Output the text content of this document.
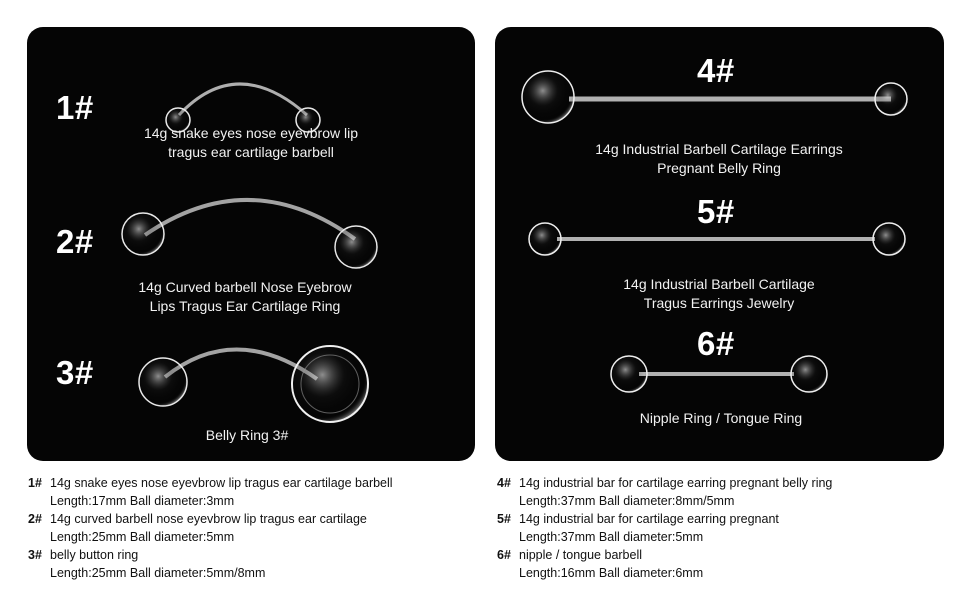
1#
14g snake eyes nose eyevbrow lip
tragus ear cartilage barbell
2#
14g Curved barbell Nose Eyebrow
Lips Tragus Ear Cartilage Ring
3#
Belly Ring 3#
4#
14g Industrial Barbell Cartilage Earrings
Pregnant Belly Ring
5#
14g Industrial Barbell Cartilage
Tragus Earrings Jewelry
6#
Nipple Ring / Tongue Ring
1# 14g snake eyes nose eyevbrow lip tragus ear cartilage barbell
Length:17mm Ball diameter:3mm
2# 14g curved barbell nose eyevbrow lip tragus ear cartilage
Length:25mm Ball diameter:5mm
3# belly button ring
Length:25mm Ball diameter:5mm/8mm
4# 14g industrial bar for cartilage earring pregnant belly ring
Length:37mm Ball diameter:8mm/5mm
5# 14g industrial bar for cartilage earring pregnant
Length:37mm Ball diameter:5mm
6# nipple / tongue barbell
Length:16mm Ball diameter:6mm
